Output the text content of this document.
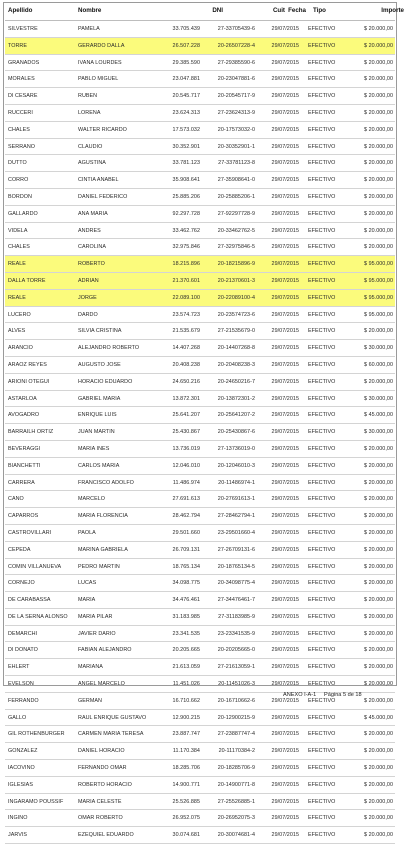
Apellido	Nombre	DNI	Cuit Fecha Tipo	Importe
SILVESTRE	PAMELA	33.705.439	27-33705439-6	29/07/2015 EFECTIVO	$ 20.000,00
TORRE	GERARDO DALLA	26.507.228	20-26507228-4	29/07/2015 EFECTIVO	$ 20.000,00
GRANADOS	IVANA LOURDES	29.385.590	27-29385590-6	29/07/2015 EFECTIVO	$ 20.000,00
MORALES	PABLO MIGUEL	23.047.881	20-23047881-6	29/07/2015 EFECTIVO	$ 20.000,00
DI CESARE	RUBEN	20.545.717	20-20545717-9	29/07/2015 EFECTIVO	$ 20.000,00
RUCCERI	LORENA	23.624.313	27-23624313-9	29/07/2015 EFECTIVO	$ 20.000,00
CHALES	WALTER RICARDO	17.573.032	20-17573032-0	29/07/2015 EFECTIVO	$ 20.000,00
SERRANO	CLAUDIO	30.352.901	20-30352901-1	29/07/2015 EFECTIVO	$ 20.000,00
DUTTO	AGUSTINA	33.781.123	27-33781123-8	29/07/2015 EFECTIVO	$ 20.000,00
CORRO	CINTIA ANABEL	35.908.641	27-35908641-0	29/07/2015 EFECTIVO	$ 20.000,00
BORDON	DANIEL FEDERICO	25.885.206	20-25885206-1	29/07/2015 EFECTIVO	$ 20.000,00
GALLARDO	ANA MARIA	92.297.728	27-92297728-9	29/07/2015 EFECTIVO	$ 20.000,00
VIDELA	ANDRES	33.462.762	20-33462762-5	29/07/2015 EFECTIVO	$ 20.000,00
CHALES	CAROLINA	32.975.846	27-32975846-5	29/07/2015 EFECTIVO	$ 20.000,00
REALE	ROBERTO	18.215.896	20-18215896-9	29/07/2015 EFECTIVO	$ 95.000,00
DALLA TORRE	ADRIAN	21.370.601	20-21370601-3	29/07/2015 EFECTIVO	$ 95.000,00
REALE	JORGE	22.089.100	20-22089100-4	29/07/2015 EFECTIVO	$ 95.000,00
LUCERO	DARDO	23.574.723	20-23574723-6	29/07/2015 EFECTIVO	$ 95.000,00
ALVES	SILVIA CRISTINA	21.535.679	27-21535679-0	29/07/2015 EFECTIVO	$ 20.000,00
ARANCIO	ALEJANDRO ROBERTO	14.407.268	20-14407268-8	29/07/2015 EFECTIVO	$ 30.000,00
ARAOZ REYES	AUGUSTO JOSE	20.408.238	20-20408238-3	29/07/2015 EFECTIVO	$ 60.000,00
ARIONI OTEGUI	HORACIO EDUARDO	24.650.216	20-24650216-7	29/07/2015 EFECTIVO	$ 20.000,00
ASTARLOA	GABRIEL MARIA	13.872.301	20-13872301-2	29/07/2015 EFECTIVO	$ 30.000,00
AVOGADRO	ENRIQUE LUIS	25.641.207	20-25641207-2	29/07/2015 EFECTIVO	$ 45.000,00
BARRAILH ORTIZ	JUAN MARTIN	25.430.867	20-25430867-6	29/07/2015 EFECTIVO	$ 30.000,00
BEVERAGGI	MARIA INES	13.736.019	27-13736019-0	29/07/2015 EFECTIVO	$ 20.000,00
BIANCHETTI	CARLOS MARIA	12.046.010	20-12046010-3	29/07/2015 EFECTIVO	$ 20.000,00
CARRERA	FRANCISCO ADOLFO	11.486.974	20-11486974-1	29/07/2015 EFECTIVO	$ 20.000,00
CANO	MARCELO	27.691.613	20-27691613-1	29/07/2015 EFECTIVO	$ 20.000,00
CAPARROS	MARIA FLORENCIA	28.462.794	27-28462794-1	29/07/2015 EFECTIVO	$ 20.000,00
CASTROVILLARI	PAOLA	29.501.660	23-29501660-4	29/07/2015 EFECTIVO	$ 20.000,00
CEPEDA	MARINA GABRIELA	26.709.131	27-26709131-6	29/07/2015 EFECTIVO	$ 20.000,00
COMIN VILLANUEVA	PEDRO MARTIN	18.765.134	20-18765134-5	29/07/2015 EFECTIVO	$ 20.000,00
CORNEJO	LUCAS	34.098.775	20-34098775-4	29/07/2015 EFECTIVO	$ 20.000,00
DE CARABASSA	MARIA	34.476.461	27-34476461-7	29/07/2015 EFECTIVO	$ 20.000,00
DE LA SERNA ALONSO	MARIA PILAR	31.183.985	27-31183985-9	29/07/2015 EFECTIVO	$ 20.000,00
DEMARCHI	JAVIER DARIO	23.341.535	23-23341535-9	29/07/2015 EFECTIVO	$ 20.000,00
DI DONATO	FABIAN ALEJANDRO	20.205.665	20-20205665-0	29/07/2015 EFECTIVO	$ 20.000,00
EHLERT	MARIANA	21.613.059	27-21613059-1	29/07/2015 EFECTIVO	$ 20.000,00
EVELSON	ANGEL MARCELO	11.451.026	20-11451026-3	29/07/2015 EFECTIVO	$ 20.000,00
FERRANDO	GERMAN	16.710.662	20-16710662-6	29/07/2015 EFECTIVO	$ 20.000,00
GALLO	RAUL ENRIQUE GUSTAVO	12.900.215	20-12900215-9	29/07/2015 EFECTIVO	$ 45.000,00
GIL ROTHENBURGER	CARMEN MARIA TERESA	23.887.747	27-23887747-4	29/07/2015 EFECTIVO	$ 20.000,00
GONZALEZ	DANIEL HORACIO	11.170.384	20-11170384-2	29/07/2015 EFECTIVO	$ 20.000,00
IACOVINO	FERNANDO OMAR	18.285.706	20-18285706-9	29/07/2015 EFECTIVO	$ 20.000,00
IGLESIAS	ROBERTO HORACIO	14.900.771	20-14900771-8	29/07/2015 EFECTIVO	$ 20.000,00
INGARAMO POUSSIF	MARIA CELESTE	25.526.885	27-25526885-1	29/07/2015 EFECTIVO	$ 20.000,00
INGINO	OMAR ROBERTO	26.952.075	20-26952075-3	29/07/2015 EFECTIVO	$ 20.000,00
JARVIS	EZEQUIEL EDUARDO	30.074.681	20-30074681-4	29/07/2015 EFECTIVO	$ 20.000,00
ANEXO I-A-1 Página 5 de 18
